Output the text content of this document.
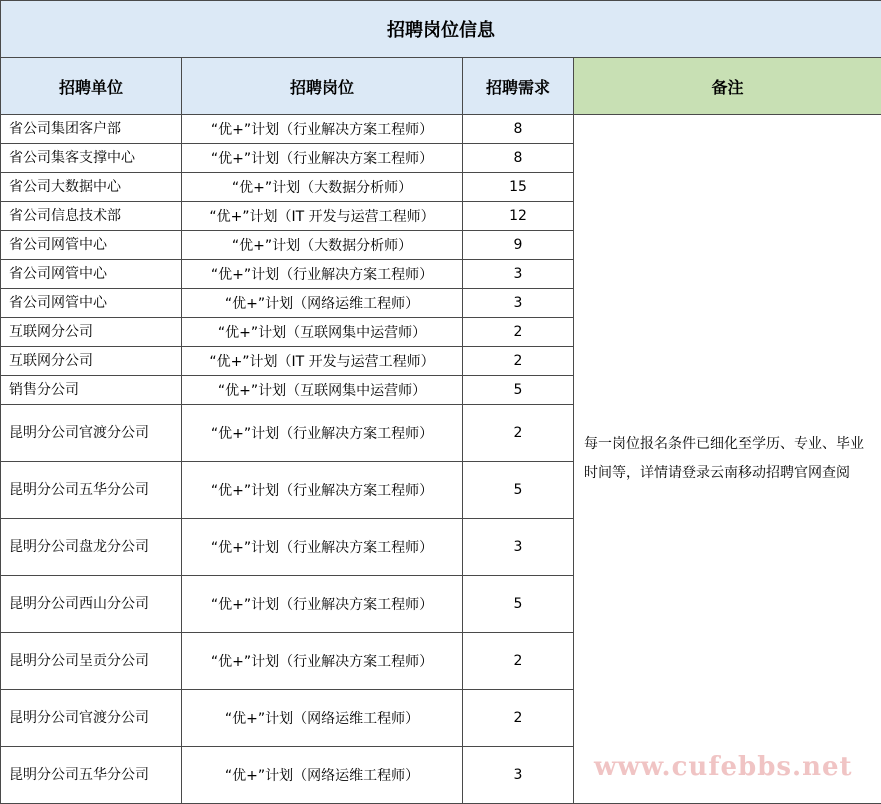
招聘岗位信息			
招聘单位	招聘岗位	招聘需求	备注
省公司集团客户部	“优+”计划（行业解决方案工程师）	8	每一岗位报名条件已细化至学历、专业、毕业时间等，详情请登录云南移动招聘官网查阅
省公司集客支撑中心	“优+”计划（行业解决方案工程师）	8	
省公司大数据中心	“优+”计划（大数据分析师）	15	
省公司信息技术部	“优+”计划（IT 开发与运营工程师）	12	
省公司网管中心	“优+”计划（大数据分析师）	9	
省公司网管中心	“优+”计划（行业解决方案工程师）	3	
省公司网管中心	“优+”计划（网络运维工程师）	3	
互联网分公司	“优+”计划（互联网集中运营师）	2	
互联网分公司	“优+”计划（IT 开发与运营工程师）	2	
销售分公司	“优+”计划（互联网集中运营师）	5	
昆明分公司官渡分公司	“优+”计划（行业解决方案工程师）	2	
昆明分公司五华分公司	“优+”计划（行业解决方案工程师）	5	
昆明分公司盘龙分公司	“优+”计划（行业解决方案工程师）	3	
昆明分公司西山分公司	“优+”计划（行业解决方案工程师）	5	
昆明分公司呈贡分公司	“优+”计划（行业解决方案工程师）	2	
昆明分公司官渡分公司	“优+”计划（网络运维工程师）	2	
昆明分公司五华分公司	“优+”计划（网络运维工程师）	3		www.cufebbs.net
